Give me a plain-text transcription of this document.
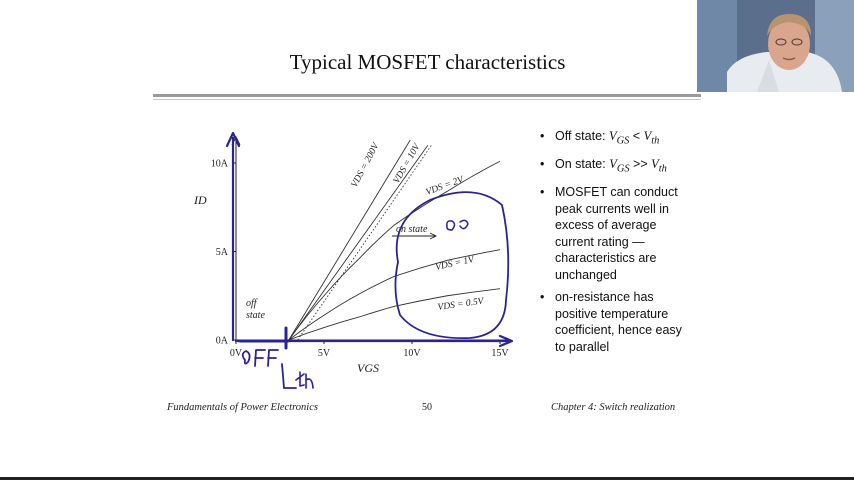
Typical MOSFET characteristics
0V	5V	10V	15V
0A
5A
10A	VDS = 200V VDS = 10V
VDS = 2V
VDS = 1V
VDS = 0.5V
off
state
on state
ID
VGS
• Off state: $V_{GS} < V_{th}$
• On state: $V_{GS} >> V_{th}$
• MOSFET can conduct peak currents well in excess of average current rating —characteristics are unchanged
• on-resistance has positive temperature coefficient, hence easy to parallel
Fundamentals of Power Electronics	50	Chapter 4: Switch realization
